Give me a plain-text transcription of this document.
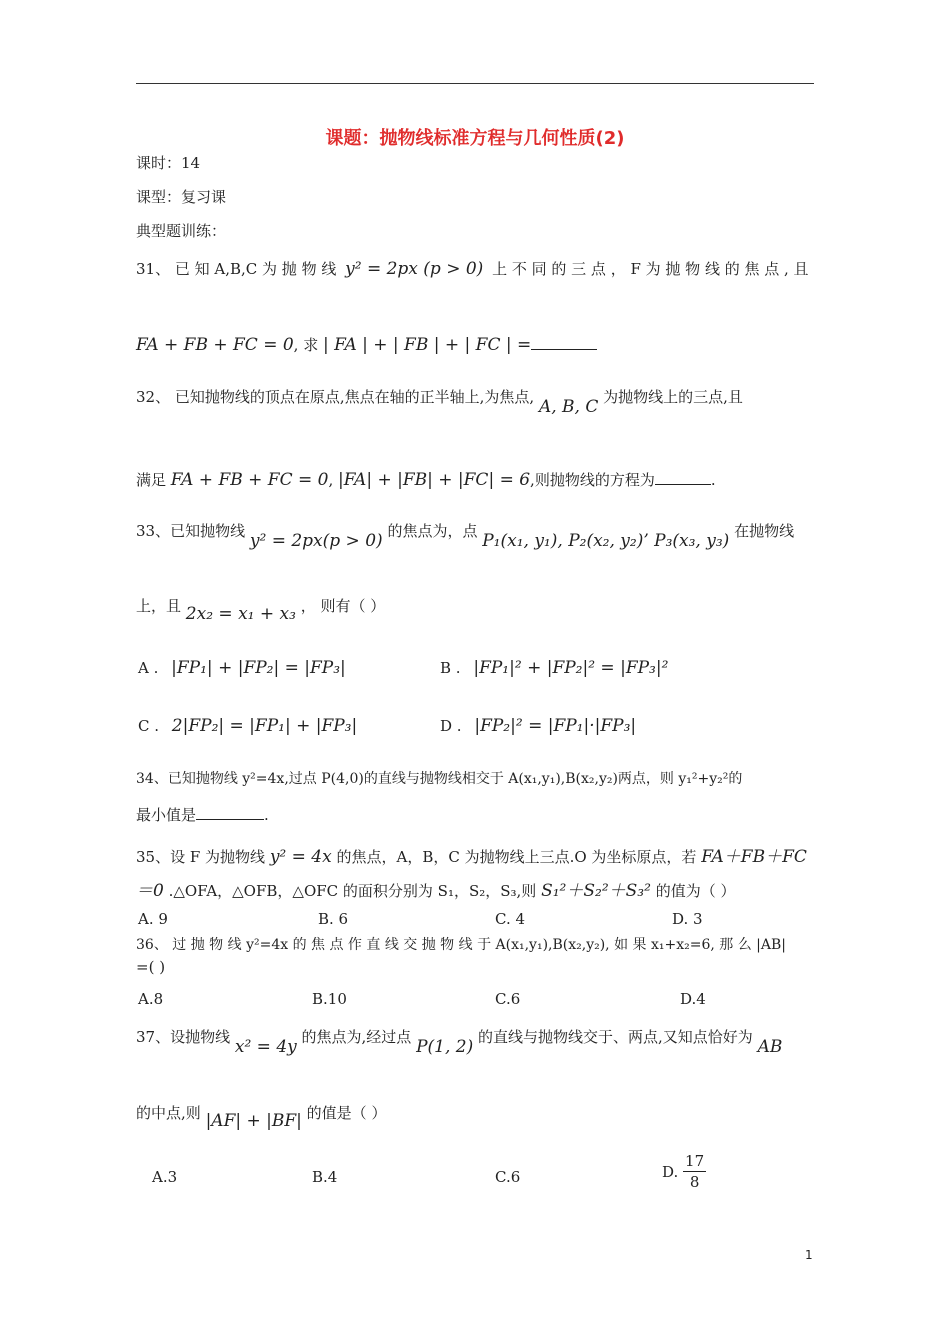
课题：抛物线标准方程与几何性质(2)
课时：14
课型：复习课
典型题训练：
31、 已 知 A,B,C 为 抛 物 线 y² = 2px (p > 0) 上 不 同 的 三 点 ， F 为 抛 物 线 的 焦 点 , 且
FA + FB + FC = 0, 求 | FA | + | FB | + | FC | =
32、 已知抛物线的顶点在原点,焦点在轴的正半轴上,为焦点, A, B, C 为抛物线上的三点,且
满足 FA + FB + FC = 0, |FA| + |FB| + |FC| = 6,则抛物线的方程为	.
33、已知抛物线 y² = 2px(p > 0) 的焦点为，点 P₁(x₁, y₁), P₂(x₂, y₂)’ P₃(x₃, y₃) 在抛物线
上，且 2x₂ = x₁ + x₃ ， 则有（ ）
A . |FP₁| + |FP₂| = |FP₃|	B . |FP₁|² + |FP₂|² = |FP₃|²
C . 2|FP₂| = |FP₁| + |FP₃|	D . |FP₂|² = |FP₁|·|FP₃|
34、已知抛物线 y²=4x,过点 P(4,0)的直线与抛物线相交于 A(x₁,y₁),B(x₂,y₂)两点，则 y₁²+y₂²的
最小值是	.
35、设 F 为抛物线 y² = 4x 的焦点，A，B，C 为抛物线上三点.O 为坐标原点，若 FA＋FB＋FC
＝0 .△OFA，△OFB，△OFC 的面积分别为 S₁，S₂，S₃,则 S₁²＋S₂²＋S₃² 的值为（ ）
A. 9	B. 6	C. 4	D. 3
36、 过 抛 物 线 y²=4x 的 焦 点 作 直 线 交 抛 物 线 于 A(x₁,y₁),B(x₂,y₂), 如 果 x₁+x₂=6, 那 么 |AB|
=( )
A.8	B.10	C.6	D.4
37、设抛物线 x² = 4y 的焦点为,经过点 P(1, 2) 的直线与抛物线交于、两点,又知点恰好为 AB
的中点,则 |AF| + |BF| 的值是（ ）
A.3	B.4	C.6	D. $\frac{17}{8}$
1
